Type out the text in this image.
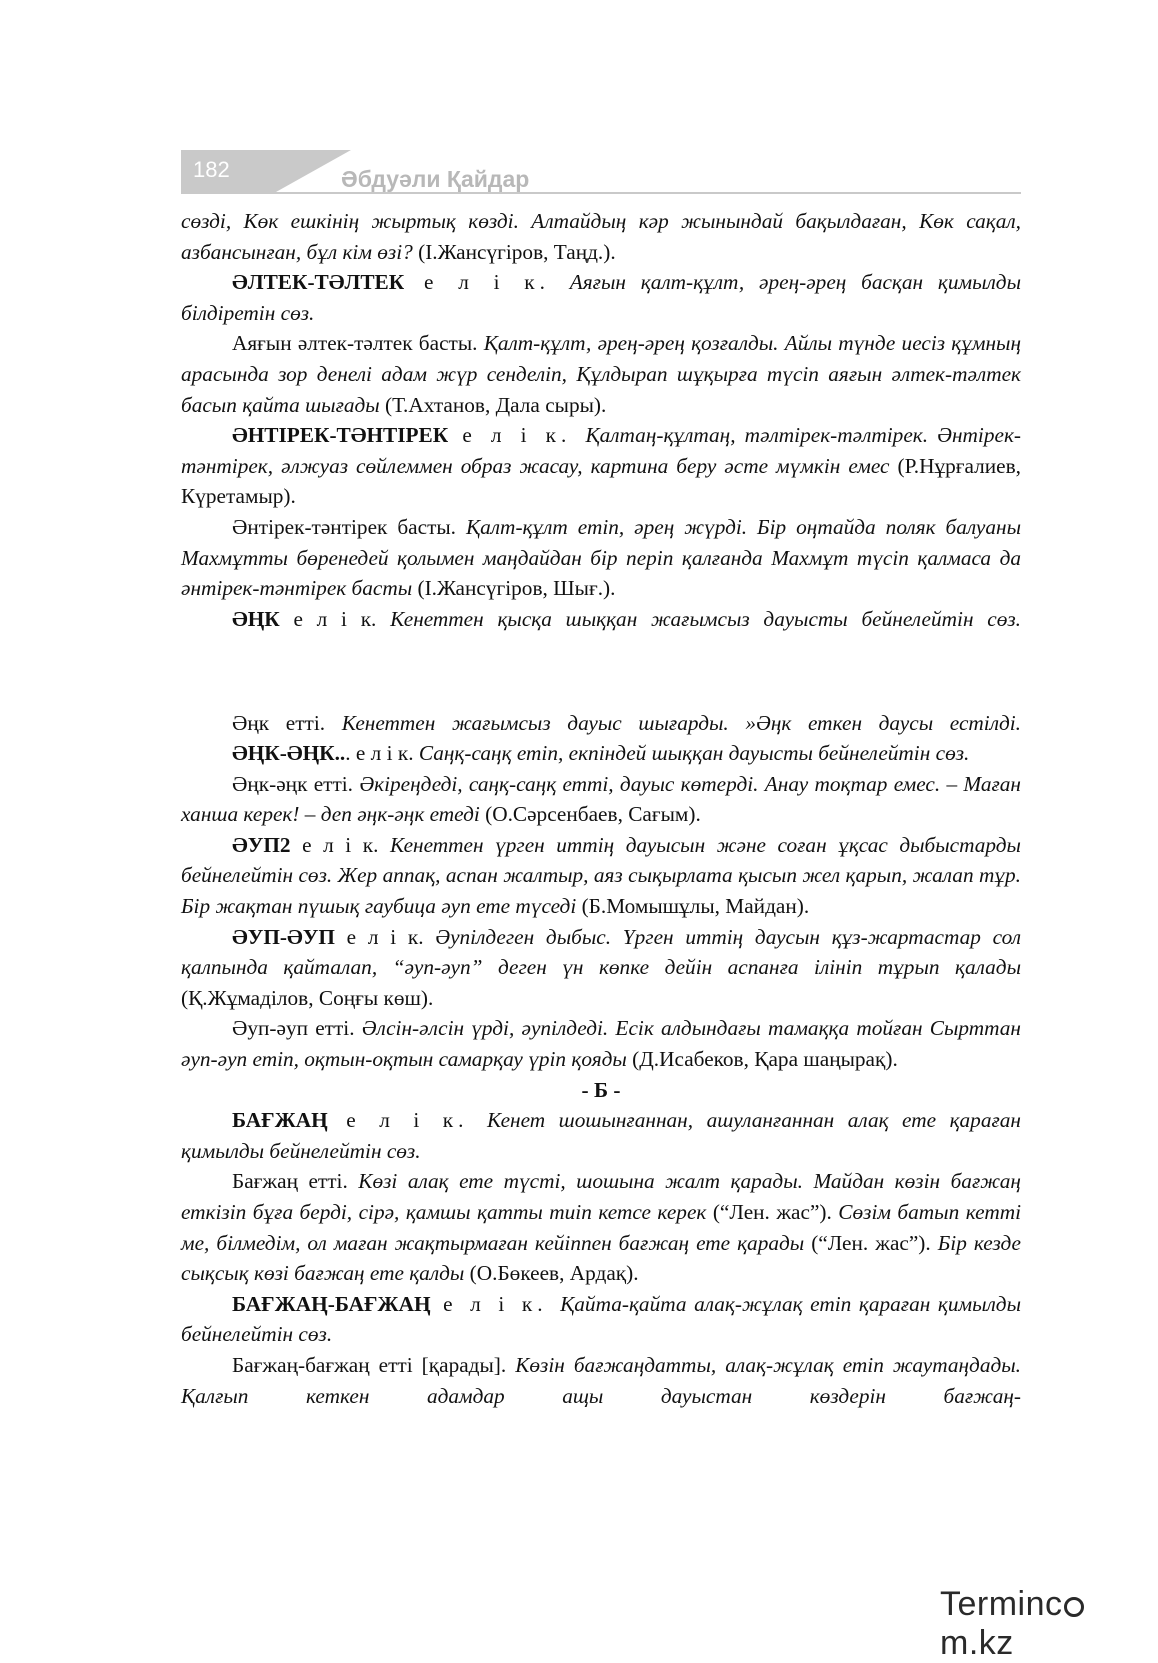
182	Әбдуәли Қайдар

сөзді, Көк ешкінің жыртық көзді. Алтайдың кәр жынындай бақылдаған, Көк сақал, азбансынған, бұл кім өзі? (І.Жансүгіров, Таңд.).

ӘЛТЕК-ТӘЛТЕК е л і к. Аяғын қалт-құлт, әрең-әрең басқан қимылды білдіретін сөз.

Аяғын әлтек-тәлтек басты. Қалт-құлт, әрең-әрең қозғалды. Айлы түнде иесіз құмның арасында зор денелі адам жүр сенделіп, Құлдырап шұқырға түсіп аяғын әлтек-тәлтек басып қайта шығады (Т.Ахтанов, Дала сыры).

ӘНТІРЕК-ТӘНТІРЕК е л і к. Қалтаң-құлтаң, тәлтірек-тәлтірек. Әнтірек-тәнтірек, әлжуаз сөйлеммен образ жасау, картина беру әсте мүмкін емес (Р.Нұрғалиев, Күретамыр).

Әнтірек-тәнтірек басты. Қалт-құлт етіп, әрең жүрді. Бір оңтайда поляк балуаны Махмұтты бөренедей қолымен маңдайдан бір періп қалғанда Махмұт түсіп қалмаса да әнтірек-тәнтірек басты (І.Жансүгіров, Шығ.).

ӘҢК е л і к. Кенеттен қысқа шыққан жағымсыз дауысты бейнелейтін сөз.

Әңк етті. Кенеттен жағымсыз дауыс шығарды. »Әңк еткен даусы естілді.

ӘҢК-ӘҢК... е л і к. Саңқ-саңқ етіп, екпіндей шыққан дауысты бейнелейтін сөз.

Әңк-әңк етті. Әкіреңдеді, саңқ-саңқ етті, дауыс көтерді. Анау тоқтар емес. – Маған ханша керек! – деп әңк-әңк етеді (О.Сәрсенбаев, Сағым).

ӘУП2 е л і к. Кенеттен үрген иттің дауысын және соған ұқсас дыбыстарды бейнелейтін сөз. Жер аппақ, аспан жалтыр, аяз сықырлата қысып жел қарып, жалап тұр. Бір жақтан пүшық гаубица әуп ете түседі (Б.Момышұлы, Майдан).

ӘУП-ӘУП е л і к. Әупілдеген дыбыс. Үрген иттің даусын құз-жартастар сол қалпында қайталап, “әуп-әуп” деген үн көпке дейін аспанға ілініп тұрып қалады (Қ.Жұмаділов, Соңғы көш).

Әуп-әуп етті. Әлсін-әлсін үрді, әупілдеді. Есік алдындағы тамаққа тойған Сырттан әуп-әуп етіп, оқтын-оқтын самарқау үріп қояды (Д.Исабеков, Қара шаңырақ).

- Б -

БАҒЖАҢ е л і к. Кенет шошынғаннан, ашуланғаннан алақ ете қараған қимылды бейнелейтін сөз.

Бағжаң етті. Көзі алақ ете түсті, шошына жалт қарады. Майдан көзін бағжаң еткізіп бұға берді, сірә, қамшы қатты тиіп кетсе керек (“Лен. жас”). Сөзім батып кетті ме, білмедім, ол маған жақтырмаған кейіппен бағжаң ете қарады (“Лен. жас”). Бір кезде сықсық көзі бағжаң ете қалды (О.Бөкеев, Ардақ).

БАҒЖАҢ-БАҒЖАҢ е л і к. Қайта-қайта алақ-жұлақ етіп қараған қимылды бейнелейтін сөз.

Бағжаң-бағжаң етті [қарады]. Көзін бағжаңдатты, алақ-жұлақ етіп жаутаңдады. Қалғып кеткен адамдар ащы дауыстан көздерін бағжаң-

Termincm.kz
